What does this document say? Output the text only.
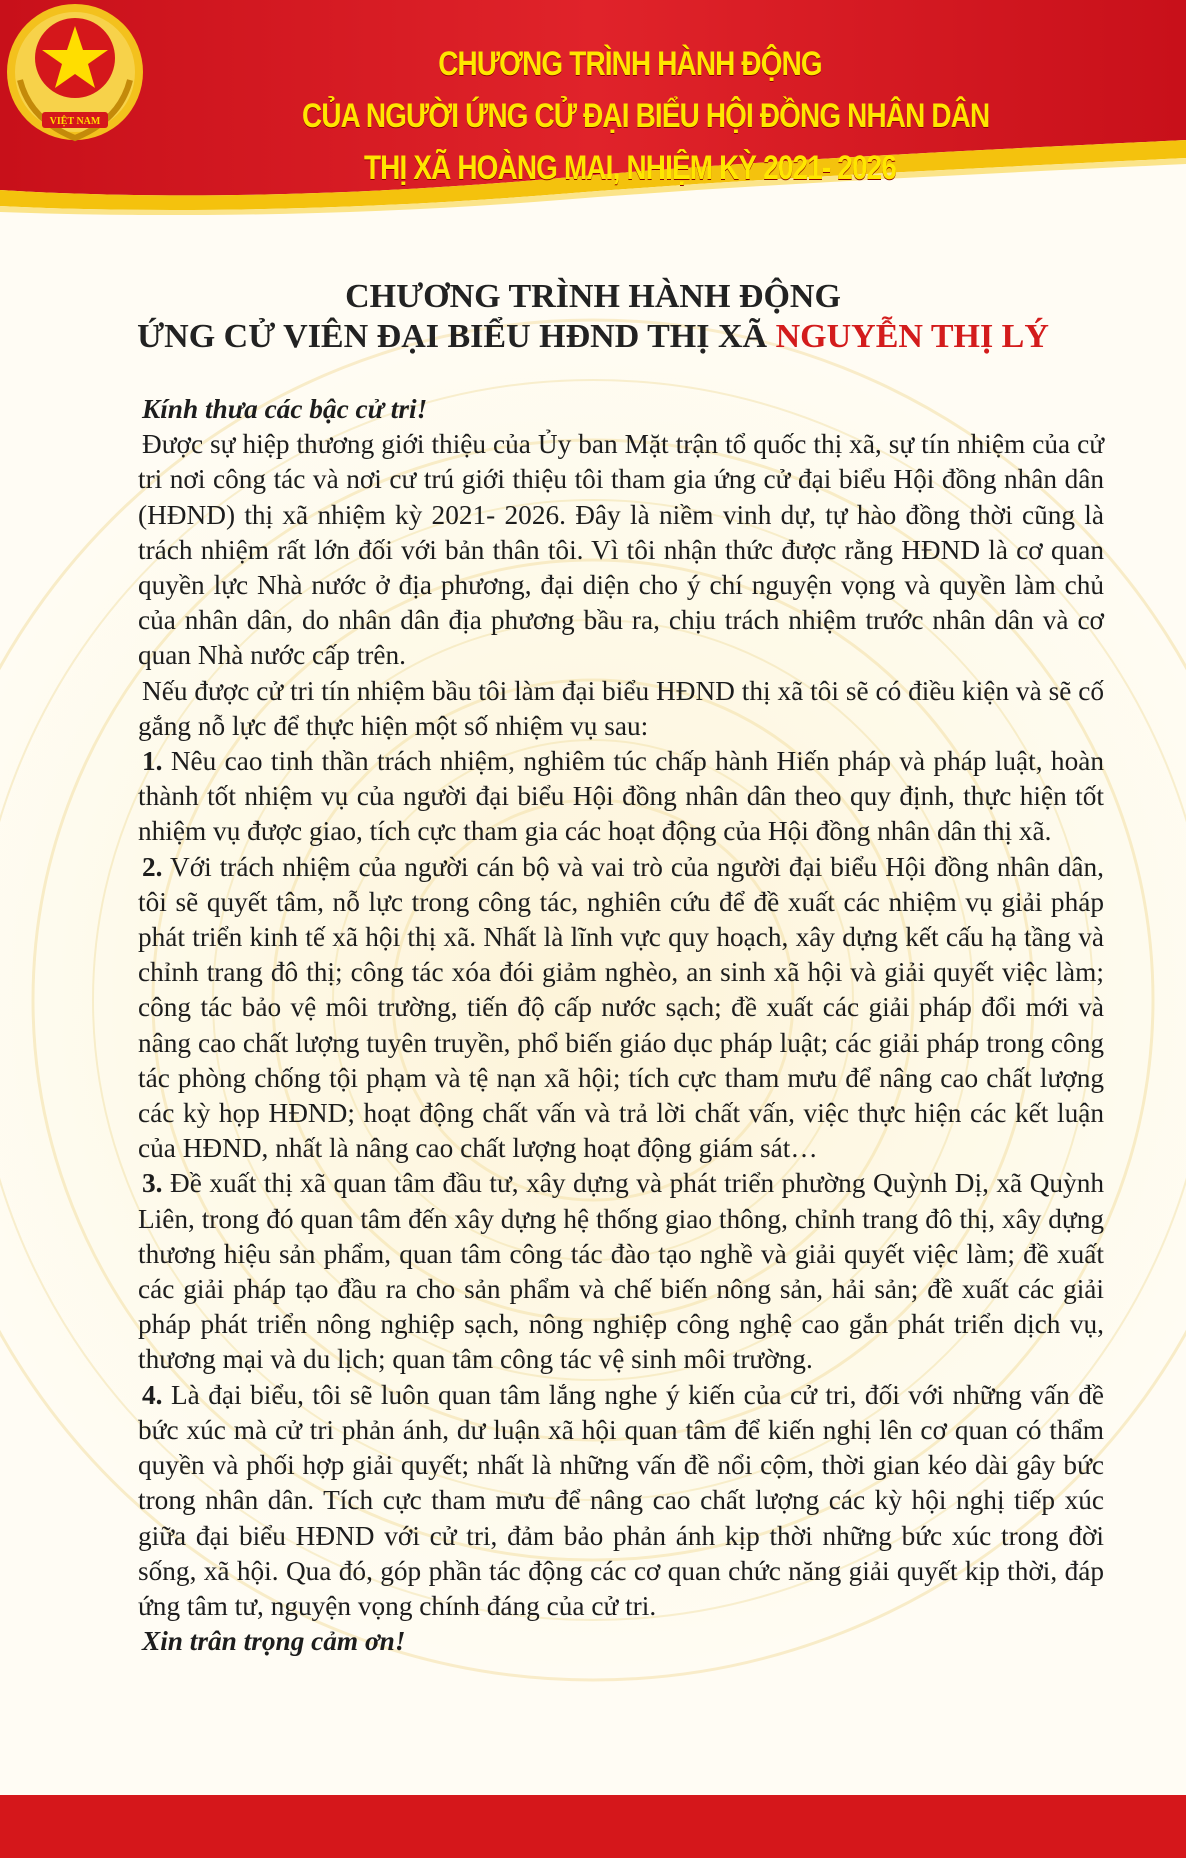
VIỆT NAM
CHƯƠNG TRÌNH HÀNH ĐỘNG
CỦA NGƯỜI ỨNG CỬ ĐẠI BIỂU HỘI ĐỒNG NHÂN DÂN
THỊ XÃ HOÀNG MAI, NHIỆM KỲ 2021- 2026
CHƯƠNG TRÌNH HÀNH ĐỘNG
ỨNG CỬ VIÊN ĐẠI BIỂU HĐND THỊ XÃ NGUYỄN THỊ LÝ

Kính thưa các bậc cử tri!

Được sự hiệp thương giới thiệu của Ủy ban Mặt trận tổ quốc thị xã, sự tín nhiệm của cử tri nơi công tác và nơi cư trú giới thiệu tôi tham gia ứng cử đại biểu Hội đồng nhân dân (HĐND) thị xã nhiệm kỳ 2021- 2026. Đây là niềm vinh dự, tự hào đồng thời cũng là trách nhiệm rất lớn đối với bản thân tôi. Vì tôi nhận thức được rằng HĐND là cơ quan quyền lực Nhà nước ở địa phương, đại diện cho ý chí nguyện vọng và quyền làm chủ của nhân dân, do nhân dân địa phương bầu ra, chịu trách nhiệm trước nhân dân và cơ quan Nhà nước cấp trên.

Nếu được cử tri tín nhiệm bầu tôi làm đại biểu HĐND thị xã tôi sẽ có điều kiện và sẽ cố gắng nỗ lực để thực hiện một số nhiệm vụ sau:

1. Nêu cao tinh thần trách nhiệm, nghiêm túc chấp hành Hiến pháp và pháp luật, hoàn thành tốt nhiệm vụ của người đại biểu Hội đồng nhân dân theo quy định, thực hiện tốt nhiệm vụ được giao, tích cực tham gia các hoạt động của Hội đồng nhân dân thị xã.

2. Với trách nhiệm của người cán bộ và vai trò của người đại biểu Hội đồng nhân dân, tôi sẽ quyết tâm, nỗ lực trong công tác, nghiên cứu để đề xuất các nhiệm vụ giải pháp phát triển kinh tế xã hội thị xã. Nhất là lĩnh vực quy hoạch, xây dựng kết cấu hạ tầng và chỉnh trang đô thị; công tác xóa đói giảm nghèo, an sinh xã hội và giải quyết việc làm; công tác bảo vệ môi trường, tiến độ cấp nước sạch; đề xuất các giải pháp đổi mới và nâng cao chất lượng tuyên truyền, phổ biến giáo dục pháp luật; các giải pháp trong công tác phòng chống tội phạm và tệ nạn xã hội; tích cực tham mưu để nâng cao chất lượng các kỳ họp HĐND; hoạt động chất vấn và trả lời chất vấn, việc thực hiện các kết luận của HĐND, nhất là nâng cao chất lượng hoạt động giám sát…

3. Đề xuất thị xã quan tâm đầu tư, xây dựng và phát triển phường Quỳnh Dị, xã Quỳnh Liên, trong đó quan tâm đến xây dựng hệ thống giao thông, chỉnh trang đô thị, xây dựng thương hiệu sản phẩm, quan tâm công tác đào tạo nghề và giải quyết việc làm; đề xuất các giải pháp tạo đầu ra cho sản phẩm và chế biến nông sản, hải sản; đề xuất các giải pháp phát triển nông nghiệp sạch, nông nghiệp công nghệ cao gắn phát triển dịch vụ, thương mại và du lịch; quan tâm công tác vệ sinh môi trường.

4. Là đại biểu, tôi sẽ luôn quan tâm lắng nghe ý kiến của cử tri, đối với những vấn đề bức xúc mà cử tri phản ánh, dư luận xã hội quan tâm để kiến nghị lên cơ quan có thẩm quyền và phối hợp giải quyết; nhất là những vấn đề nổi cộm, thời gian kéo dài gây bức trong nhân dân. Tích cực tham mưu để nâng cao chất lượng các kỳ hội nghị tiếp xúc giữa đại biểu HĐND với cử tri, đảm bảo phản ánh kịp thời những bức xúc trong đời sống, xã hội. Qua đó, góp phần tác động các cơ quan chức năng giải quyết kịp thời, đáp ứng tâm tư, nguyện vọng chính đáng của cử tri.

Xin trân trọng cảm ơn!
